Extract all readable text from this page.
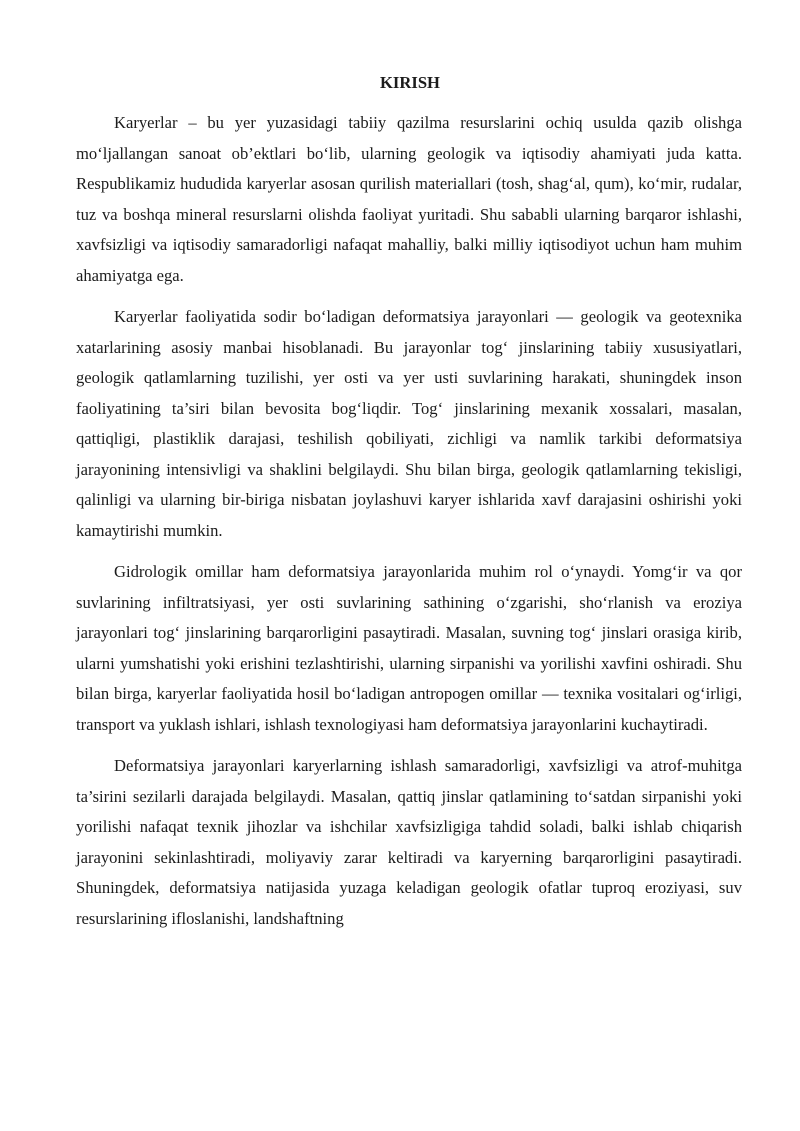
KIRISH

Karyerlar – bu yer yuzasidagi tabiiy qazilma resurslarini ochiq usulda qazib olishga mo‘ljallangan sanoat ob’ektlari bo‘lib, ularning geologik va iqtisodiy ahamiyati juda katta. Respublikamiz hududida karyerlar asosan qurilish materiallari (tosh, shag‘al, qum), ko‘mir, rudalar, tuz va boshqa mineral resurslarni olishda faoliyat yuritadi. Shu sababli ularning barqaror ishlashi, xavfsizligi va iqtisodiy samaradorligi nafaqat mahalliy, balki milliy iqtisodiyot uchun ham muhim ahamiyatga ega.

Karyerlar faoliyatida sodir bo‘ladigan deformatsiya jarayonlari — geologik va geotexnika xatarlarining asosiy manbai hisoblanadi. Bu jarayonlar tog‘ jinslarining tabiiy xususiyatlari, geologik qatlamlarning tuzilishi, yer osti va yer usti suvlarining harakati, shuningdek inson faoliyatining ta’siri bilan bevosita bog‘liqdir. Tog‘ jinslarining mexanik xossalari, masalan, qattiqligi, plastiklik darajasi, teshilish qobiliyati, zichligi va namlik tarkibi deformatsiya jarayonining intensivligi va shaklini belgilaydi. Shu bilan birga, geologik qatlamlarning tekisligi, qalinligi va ularning bir-biriga nisbatan joylashuvi karyer ishlarida xavf darajasini oshirishi yoki kamaytirishi mumkin.

Gidrologik omillar ham deformatsiya jarayonlarida muhim rol o‘ynaydi. Yomg‘ir va qor suvlarining infiltratsiyasi, yer osti suvlarining sathining o‘zgarishi, sho‘rlanish va eroziya jarayonlari tog‘ jinslarining barqarorligini pasaytiradi. Masalan, suvning tog‘ jinslari orasiga kirib, ularni yumshatishi yoki erishini tezlashtirishi, ularning sirpanishi va yorilishi xavfini oshiradi. Shu bilan birga, karyerlar faoliyatida hosil bo‘ladigan antropogen omillar — texnika vositalari og‘irligi, transport va yuklash ishlari, ishlash texnologiyasi ham deformatsiya jarayonlarini kuchaytiradi.

Deformatsiya jarayonlari karyerlarning ishlash samaradorligi, xavfsizligi va atrof-muhitga ta’sirini sezilarli darajada belgilaydi. Masalan, qattiq jinslar qatlamining to‘satdan sirpanishi yoki yorilishi nafaqat texnik jihozlar va ishchilar xavfsizligiga tahdid soladi, balki ishlab chiqarish jarayonini sekinlashtiradi, moliyaviy zarar keltiradi va karyerning barqarorligini pasaytiradi. Shuningdek, deformatsiya natijasida yuzaga keladigan geologik ofatlar tuproq eroziyasi, suv resurslarining ifloslanishi, landshaftning
